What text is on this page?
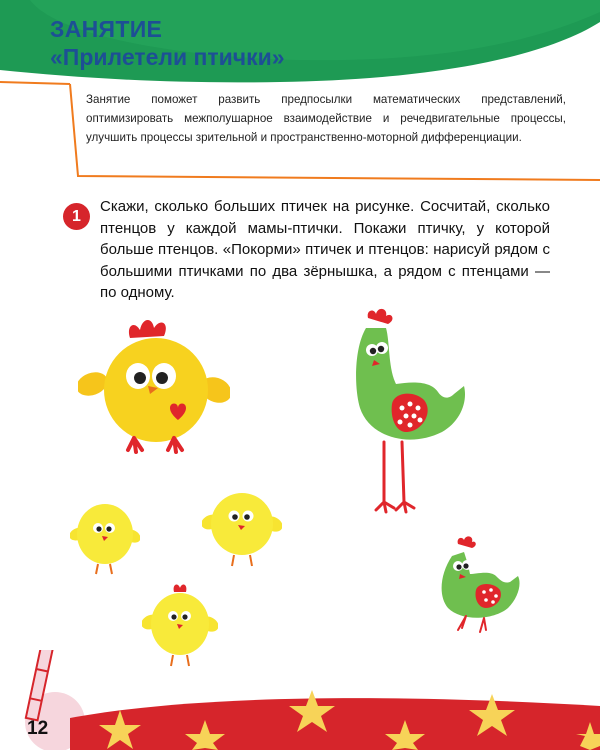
ЗАНЯТИЕ
«Прилетели птички»
Занятие поможет развить предпосылки математических представлений, оптимизировать межполушарное взаимодействие и речедвигательные процессы, улучшить процессы зрительной и пространственно-моторной дифференциации.
1
Скажи, сколько больших птичек на рисунке. Сосчитай, сколько птенцов у каждой мамы-птички. Покажи птичку, у которой больше птенцов. «Покорми» птичек и птенцов: нарисуй рядом с большими птичками по два зёрнышка, а рядом с птенцами — по одному.
12
